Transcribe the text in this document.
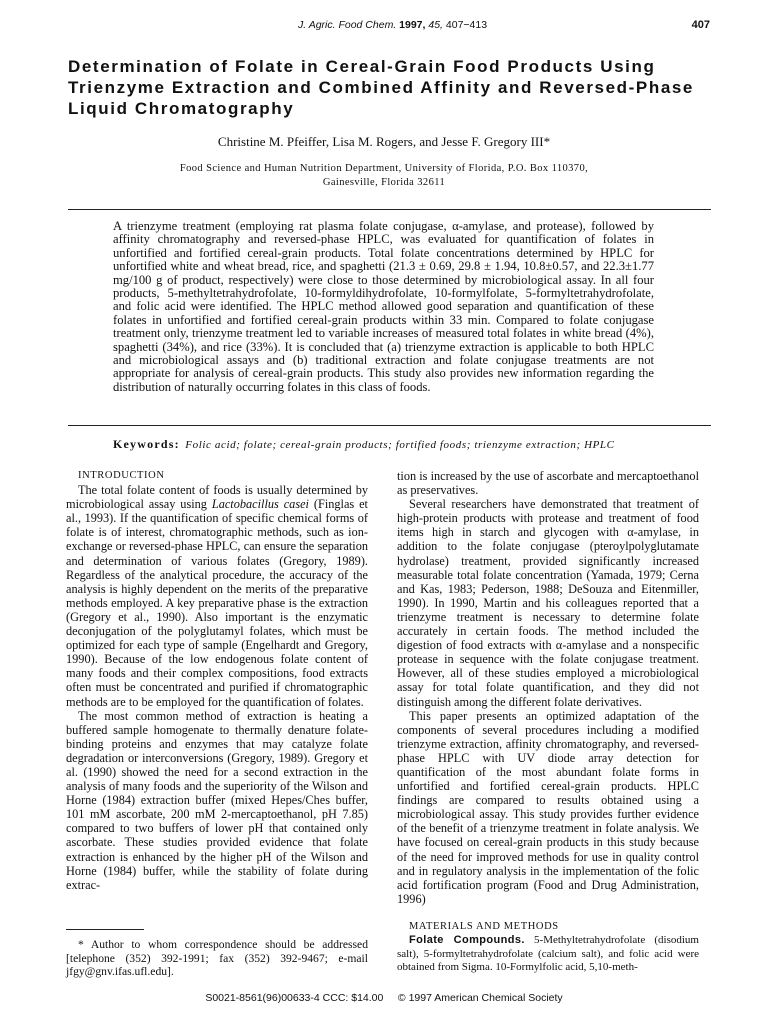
J. Agric. Food Chem. 1997, 45, 407−413	407
Determination of Folate in Cereal-Grain Food Products Using Trienzyme Extraction and Combined Affinity and Reversed-Phase Liquid Chromatography
Christine M. Pfeiffer, Lisa M. Rogers, and Jesse F. Gregory III*
Food Science and Human Nutrition Department, University of Florida, P.O. Box 110370,
Gainesville, Florida 32611

A trienzyme treatment (employing rat plasma folate conjugase, α-amylase, and protease), followed by affinity chromatography and reversed-phase HPLC, was evaluated for quantification of folates in unfortified and fortified cereal-grain products. Total folate concentrations determined by HPLC for unfortified white and wheat bread, rice, and spaghetti (21.3 ± 0.69, 29.8 ± 1.94, 10.8±0.57, and 22.3±1.77 mg/100 g of product, respectively) were close to those determined by microbiological assay. In all four products, 5-methyltetrahydrofolate, 10-formyldihydrofolate, 10-formylfolate, 5-formyltetrahydrofolate, and folic acid were identified. The HPLC method allowed good separation and quantification of these folates in unfortified and fortified cereal-grain products within 33 min. Compared to folate conjugase treatment only, trienzyme treatment led to variable increases of measured total folates in white bread (4%), spaghetti (34%), and rice (33%). It is concluded that (a) trienzyme extraction is applicable to both HPLC and microbiological assays and (b) traditional extraction and folate conjugase treatments are not appropriate for analysis of cereal-grain products. This study also provides new information regarding the distribution of naturally occurring folates in this class of foods.

Keywords: Folic acid; folate; cereal-grain products; fortified foods; trienzyme extraction; HPLC

INTRODUCTION

The total folate content of foods is usually determined by microbiological assay using Lactobacillus casei (Finglas et al., 1993). If the quantification of specific chemical forms of folate is of interest, chromatographic methods, such as ion-exchange or reversed-phase HPLC, can ensure the separation and determination of various folates (Gregory, 1989). Regardless of the analytical procedure, the accuracy of the analysis is highly dependent on the merits of the preparative methods employed. A key preparative phase is the extraction (Gregory et al., 1990). Also important is the enzymatic deconjugation of the polyglutamyl folates, which must be optimized for each type of sample (Engelhardt and Gregory, 1990). Because of the low endogenous folate content of many foods and their complex compositions, food extracts often must be concentrated and purified if chromatographic methods are to be employed for the quantification of folates.

The most common method of extraction is heating a buffered sample homogenate to thermally denature folate-binding proteins and enzymes that may catalyze folate degradation or interconversions (Gregory, 1989). Gregory et al. (1990) showed the need for a second extraction in the analysis of many foods and the superiority of the Wilson and Horne (1984) extraction buffer (mixed Hepes/Ches buffer, 101 mM ascorbate, 200 mM 2-mercaptoethanol, pH 7.85) compared to two buffers of lower pH that contained only ascorbate. These studies provided evidence that folate extraction is enhanced by the higher pH of the Wilson and Horne (1984) buffer, while the stability of folate during extrac-

* Author to whom correspondence should be addressed [telephone (352) 392-1991; fax (352) 392-9467; e-mail jfgy@gnv.ifas.ufl.edu].

tion is increased by the use of ascorbate and mercaptoethanol as preservatives.

Several researchers have demonstrated that treatment of high-protein products with protease and treatment of food items high in starch and glycogen with α-amylase, in addition to the folate conjugase (pteroylpolyglutamate hydrolase) treatment, provided significantly increased measurable total folate concentration (Yamada, 1979; Cerna and Kas, 1983; Pederson, 1988; DeSouza and Eitenmiller, 1990). In 1990, Martin and his colleagues reported that a trienzyme treatment is necessary to determine folate accurately in certain foods. The method included the digestion of food extracts with α-amylase and a nonspecific protease in sequence with the folate conjugase treatment. However, all of these studies employed a microbiological assay for total folate quantification, and they did not distinguish among the different folate derivatives.

This paper presents an optimized adaptation of the components of several procedures including a modified trienzyme extraction, affinity chromatography, and reversed-phase HPLC with UV diode array detection for quantification of the most abundant folate forms in unfortified and fortified cereal-grain products. HPLC findings are compared to results obtained using a microbiological assay. This study provides further evidence of the benefit of a trienzyme treatment in folate analysis. We have focused on cereal-grain products in this study because of the need for improved methods for use in quality control and in regulatory analysis in the implementation of the folic acid fortification program (Food and Drug Administration, 1996)

MATERIALS AND METHODS

Folate Compounds. 5-Methyltetrahydrofolate (disodium salt), 5-formyltetrahydrofolate (calcium salt), and folic acid were obtained from Sigma. 10-Formylfolic acid, 5,10-meth-

S0021-8561(96)00633-4 CCC: $14.00     © 1997 American Chemical Society
